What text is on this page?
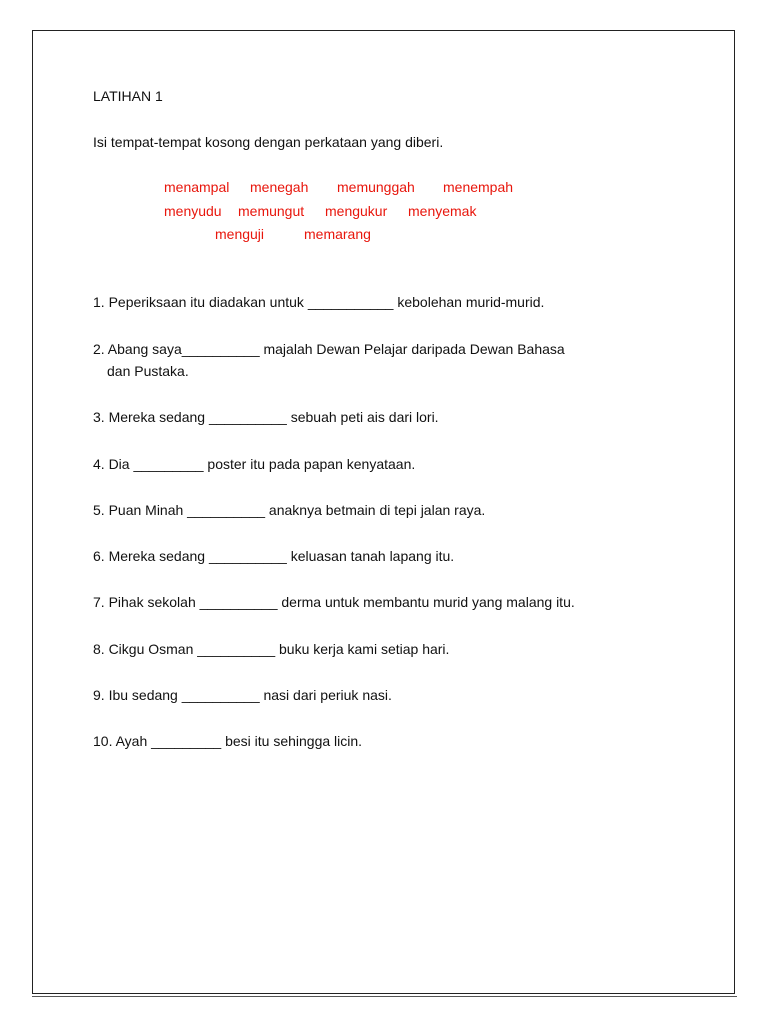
LATIHAN 1
Isi tempat-tempat kosong dengan perkataan yang diberi.
menampal menegah memunggah menempah
menyudu memungut mengukur menyemak
menguji	memarang
1. Peperiksaan itu diadakan untuk ___________ kebolehan murid-murid.
2. Abang saya__________ majalah Dewan Pelajar daripada Dewan Bahasa
dan Pustaka.
3. Mereka sedang __________ sebuah peti ais dari lori.
4. Dia _________ poster itu pada papan kenyataan.
5. Puan Minah __________ anaknya betmain di tepi jalan raya.
6. Mereka sedang __________ keluasan tanah lapang itu.
7. Pihak sekolah __________ derma untuk membantu murid yang malang itu.
8. Cikgu Osman __________ buku kerja kami setiap hari.
9. Ibu sedang __________ nasi dari periuk nasi.
10. Ayah _________ besi itu sehingga licin.
